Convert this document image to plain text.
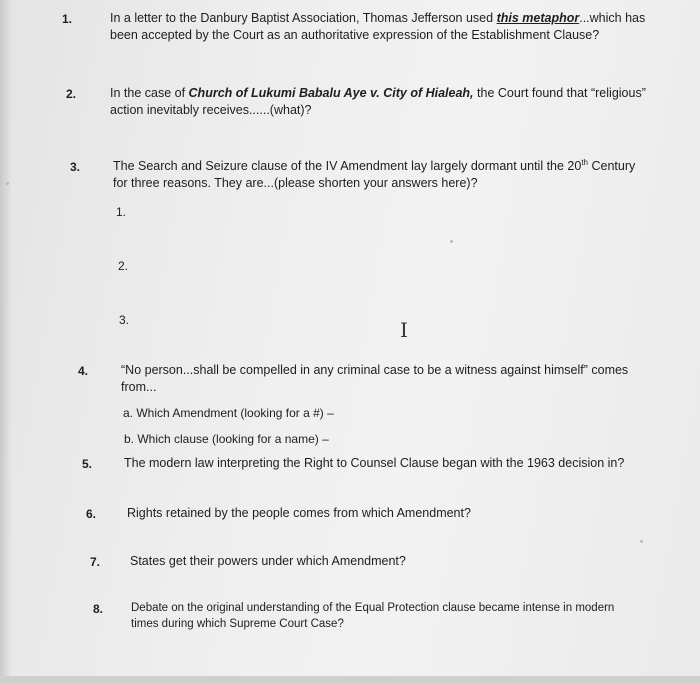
1.	In a letter to the Danbury Baptist Association, Thomas Jefferson used this metaphor...which has
been accepted by the Court as an authoritative expression of the Establishment Clause?
2.	In the case of Church of Lukumi Babalu Aye v. City of Hialeah, the Court found that “religious”
action inevitably receives......(what)?
3.	The Search and Seizure clause of the IV Amendment lay largely dormant until the 20th Century
for three reasons. They are...(please shorten your answers here)?
1.
2.
3.	I
4.	“No person...shall be compelled in any criminal case to be a witness against himself” comes
from...
a. Which Amendment (looking for a #) –
b. Which clause (looking for a name) –
5.	The modern law interpreting the Right to Counsel Clause began with the 1963 decision in?
6. Rights retained by the people comes from which Amendment?
7. States get their powers under which Amendment?
8. Debate on the original understanding of the Equal Protection clause became intense in modern
times during which Supreme Court Case?
